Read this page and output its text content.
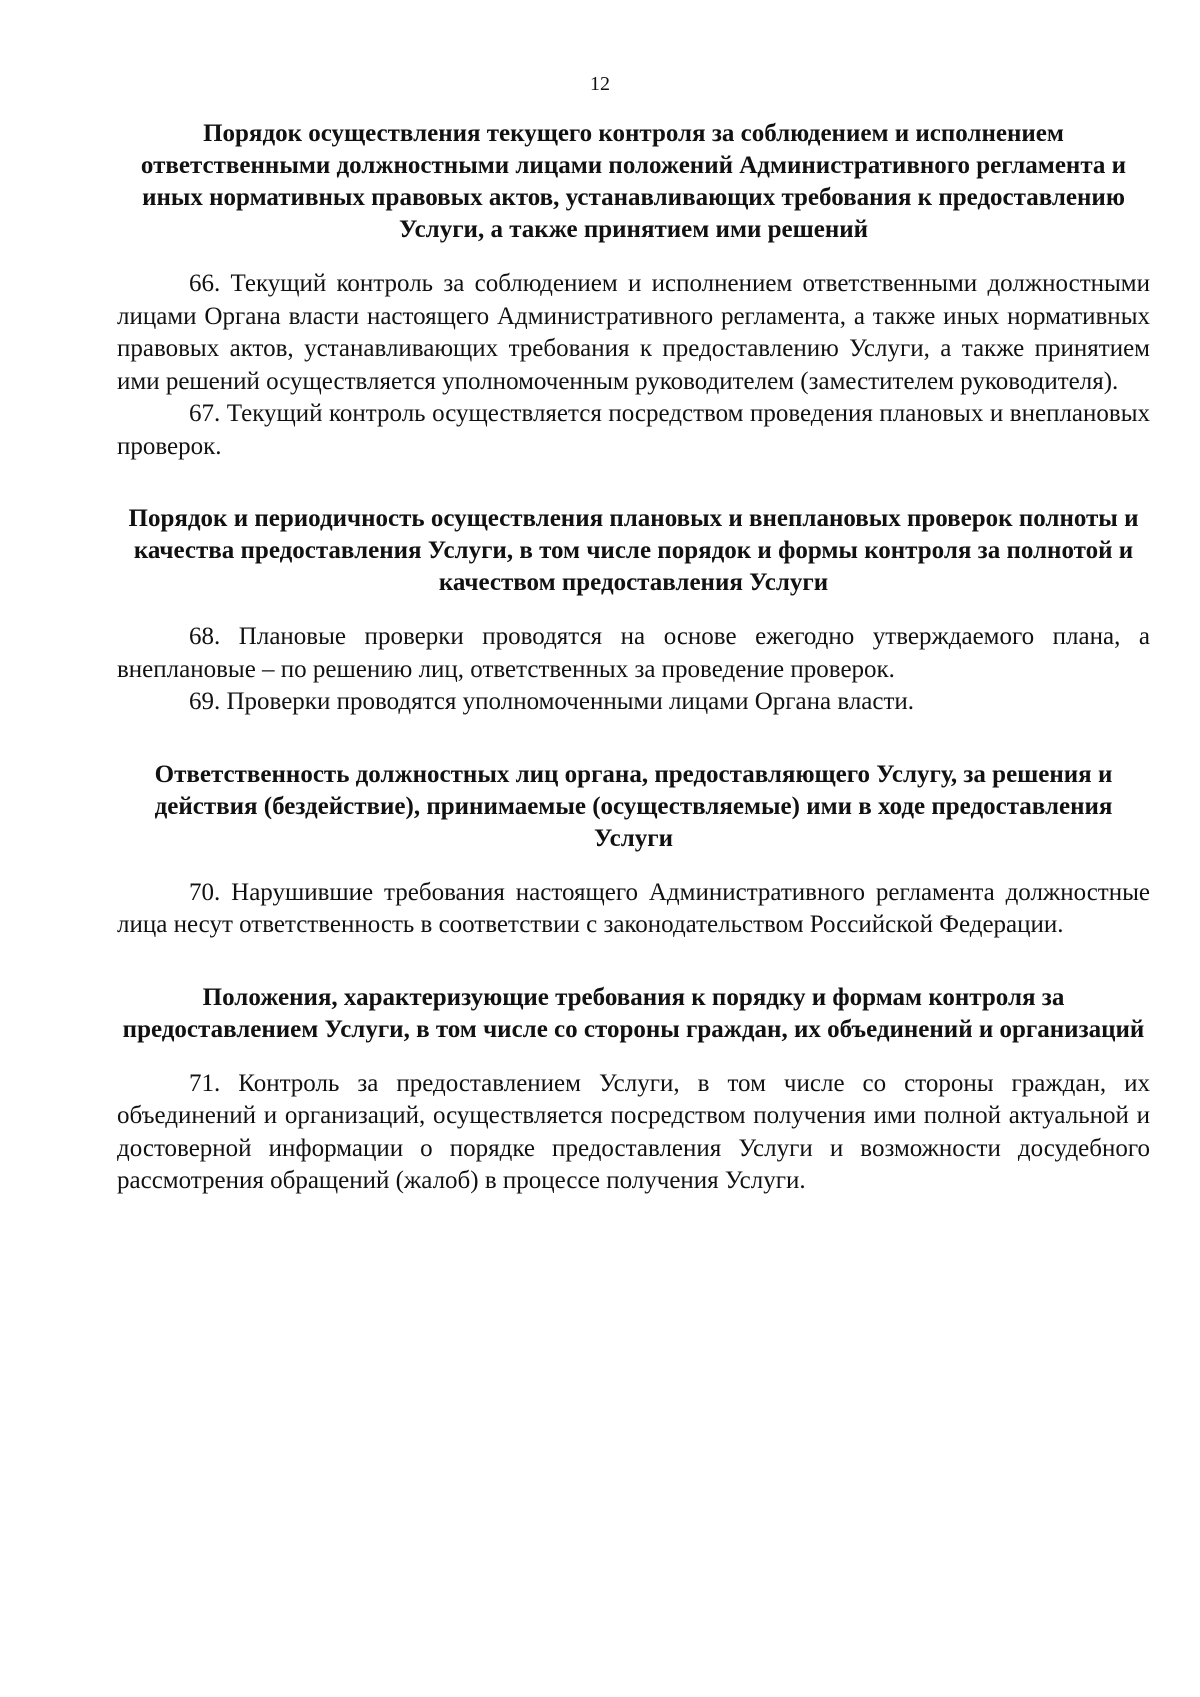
12

Порядок осуществления текущего контроля за соблюдением и исполнением ответственными должностными лицами положений Административного регламента и иных нормативных правовых актов, устанавливающих требования к предоставлению Услуги, а также принятием ими решений

66. Текущий контроль за соблюдением и исполнением ответственными должностными лицами Органа власти настоящего Административного регламента, а также иных нормативных правовых актов, устанавливающих требования к предоставлению Услуги, а также принятием ими решений осуществляется уполномоченным руководителем (заместителем руководителя).

67. Текущий контроль осуществляется посредством проведения плановых и внеплановых проверок.

Порядок и периодичность осуществления плановых и внеплановых проверок полноты и качества предоставления Услуги, в том числе порядок и формы контроля за полнотой и качеством предоставления Услуги

68. Плановые проверки проводятся на основе ежегодно утверждаемого плана, а внеплановые – по решению лиц, ответственных за проведение проверок.

69. Проверки проводятся уполномоченными лицами Органа власти.

Ответственность должностных лиц органа, предоставляющего Услугу, за решения и действия (бездействие), принимаемые (осуществляемые) ими в ходе предоставления Услуги

70. Нарушившие требования настоящего Административного регламента должностные лица несут ответственность в соответствии с законодательством Российской Федерации.

Положения, характеризующие требования к порядку и формам контроля за предоставлением Услуги, в том числе со стороны граждан, их объединений и организаций

71. Контроль за предоставлением Услуги, в том числе со стороны граждан, их объединений и организаций, осуществляется посредством получения ими полной актуальной и достоверной информации о порядке предоставления Услуги и возможности досудебного рассмотрения обращений (жалоб) в процессе получения Услуги.
